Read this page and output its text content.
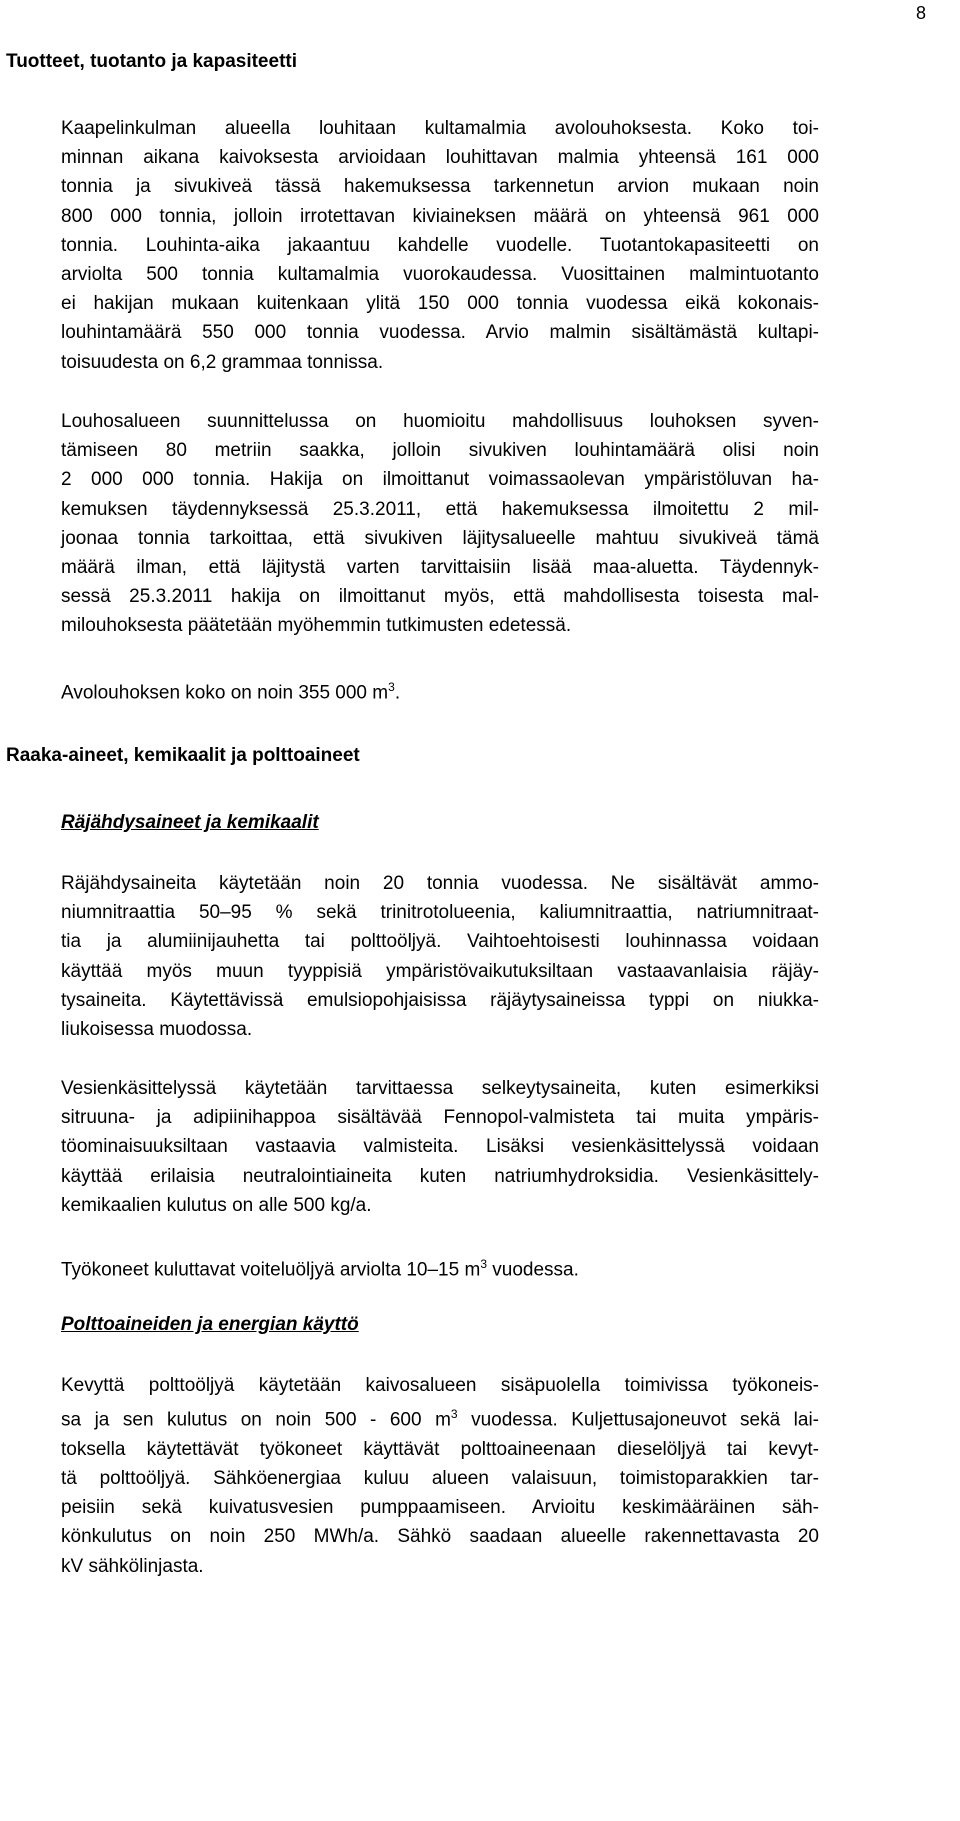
8
Tuotteet, tuotanto ja kapasiteetti
Kaapelinkulman alueella louhitaan kultamalmia avolouhoksesta. Koko toi-
minnan aikana kaivoksesta arvioidaan louhittavan malmia yhteensä 161 000
tonnia ja sivukiveä tässä hakemuksessa tarkennetun arvion mukaan noin
800 000 tonnia, jolloin irrotettavan kiviaineksen määrä on yhteensä 961 000
tonnia. Louhinta-aika jakaantuu kahdelle vuodelle. Tuotantokapasiteetti on
arviolta 500 tonnia kultamalmia vuorokaudessa. Vuosittainen malmintuotanto
ei hakijan mukaan kuitenkaan ylitä 150 000 tonnia vuodessa eikä kokonais-
louhintamäärä 550 000 tonnia vuodessa. Arvio malmin sisältämästä kultapi-
toisuudesta on 6,2 grammaa tonnissa.
Louhosalueen suunnittelussa on huomioitu mahdollisuus louhoksen syven-
tämiseen 80 metriin saakka, jolloin sivukiven louhintamäärä olisi noin
2 000 000 tonnia. Hakija on ilmoittanut voimassaolevan ympäristöluvan ha-
kemuksen täydennyksessä 25.3.2011, että hakemuksessa ilmoitettu 2 mil-
joonaa tonnia tarkoittaa, että sivukiven läjitysalueelle mahtuu sivukiveä tämä
määrä ilman, että läjitystä varten tarvittaisiin lisää maa-aluetta. Täydennyk-
sessä 25.3.2011 hakija on ilmoittanut myös, että mahdollisesta toisesta mal-
milouhoksesta päätetään myöhemmin tutkimusten edetessä.
Avolouhoksen koko on noin 355 000 $m^3$.
Raaka-aineet, kemikaalit ja polttoaineet
Räjähdysaineet ja kemikaalit
Räjähdysaineita käytetään noin 20 tonnia vuodessa. Ne sisältävät ammo-
niumnitraattia 50–95 % sekä trinitrotolueenia, kaliumnitraattia, natriumnitraat-
tia ja alumiinijauhetta tai polttoöljyä. Vaihtoehtoisesti louhinnassa voidaan
käyttää myös muun tyyppisiä ympäristövaikutuksiltaan vastaavanlaisia räjäy-
tysaineita. Käytettävissä emulsiopohjaisissa räjäytysaineissa typpi on niukka-
liukoisessa muodossa.
Vesienkäsittelyssä käytetään tarvittaessa selkeytysaineita, kuten esimerkiksi
sitruuna- ja adipiinihappoa sisältävää Fennopol-valmisteta tai muita ympäris-
töominaisuuksiltaan vastaavia valmisteita. Lisäksi vesienkäsittelyssä voidaan
käyttää erilaisia neutralointiaineita kuten natriumhydroksidia. Vesienkäsittely-
kemikaalien kulutus on alle 500 kg/a.
Työkoneet kuluttavat voiteluöljyä arviolta 10–15 $m^3$ vuodessa.
Polttoaineiden ja energian käyttö
Kevyttä polttoöljyä käytetään kaivosalueen sisäpuolella toimivissa työkoneis-
sa ja sen kulutus on noin 500 - 600 $m^3$ vuodessa. Kuljettusajoneuvot sekä lai-
toksella käytettävät työkoneet käyttävät polttoaineenaan dieselöljyä tai kevyt-
tä polttoöljyä. Sähköenergiaa kuluu alueen valaisuun, toimistoparakkien tar-
peisiin sekä kuivatusvesien pumppaamiseen. Arvioitu keskimääräinen säh-
könkulutus on noin 250 MWh/a. Sähkö saadaan alueelle rakennettavasta 20
kV sähkölinjasta.
